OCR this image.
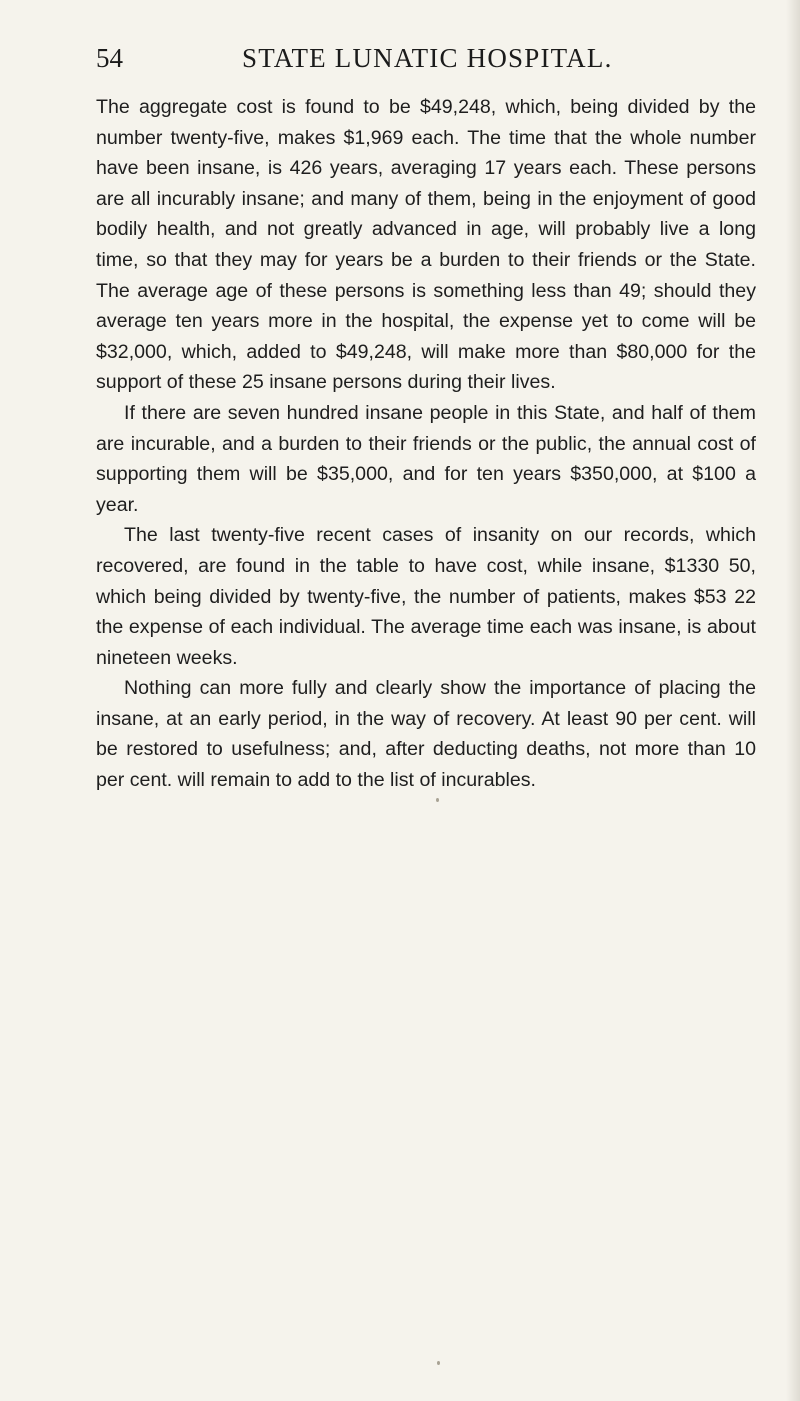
54	STATE LUNATIC HOSPITAL.

The aggregate cost is found to be $49,248, which, being divided by the number twenty-five, makes $1,969 each. The time that the whole number have been insane, is 426 years, averaging 17 years each. These persons are all incurably insane; and many of them, being in the enjoyment of good bodily health, and not greatly advanced in age, will probably live a long time, so that they may for years be a burden to their friends or the State. The average age of these persons is something less than 49; should they average ten years more in the hospital, the expense yet to come will be $32,000, which, added to $49,248, will make more than $80,000 for the support of these 25 insane persons during their lives.

If there are seven hundred insane people in this State, and half of them are incurable, and a burden to their friends or the public, the annual cost of supporting them will be $35,000, and for ten years $350,000, at $100 a year.

The last twenty-five recent cases of insanity on our records, which recovered, are found in the table to have cost, while insane, $1330 50, which being divided by twenty-five, the number of patients, makes $53 22 the expense of each individual. The average time each was insane, is about nineteen weeks.

Nothing can more fully and clearly show the importance of placing the insane, at an early period, in the way of recovery. At least 90 per cent. will be restored to usefulness; and, after deducting deaths, not more than 10 per cent. will remain to add to the list of incurables.
